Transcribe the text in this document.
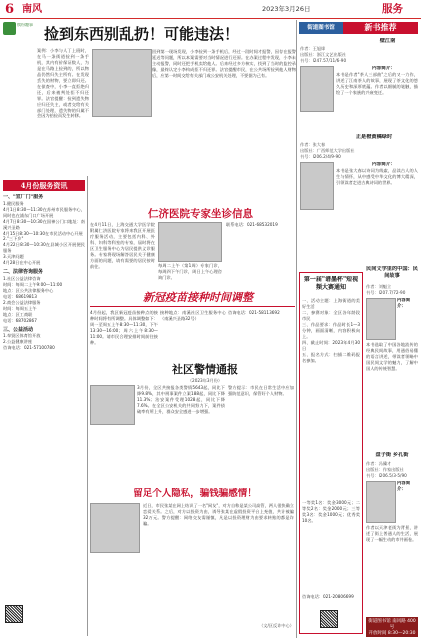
6 南风	2023年3月26日	服务
缤纷趣事
捡到东西别乱扔！可能违法！
案例：小李与人丁上班时，在马一条街道捡到一条手机，其内有价保证数人，为是在马路上捡到的，所以物品仍然归失主所有。在发现丢失的财物，要立即归还。在侦查中，小李一直拒绝归还，后来被判处拒不归还罪。法官提醒：捡到遗失物应归还失主，或者交给有关部门处理，遗失物的归属不会因为拾捡而发生转移。
回到第一现场发现，小李捡到一条手机后，经过一段时间才报警，因存在报警延迟等问题，所以本案需要对当时情况进行还原。在办案过程中发现，小李未主动报警，同时还把手机卖给他人。后来经过多方核实，找到了当时的监控录像，最终认定小李构成拒不归还罪。法官提醒市民，在公共场所捡到他人财物后，应第一时间交给有关部门或公安机关处理，不要据为己有。
4月份服务资讯
一、"宜厂门"服务
1.健民服务
4月1日8:30—11:30在苏州市民服务中心，同时也在浦东门口广场开展
4月7日8:30—10:30在国神公门口地址：南溪兴圣路
4月15日8:30—10:30在市民活动中心开展
2."三下乡"
4月22日8:30—10:30在县城小区开展便民服务
3.天津问题
4月28日在中心开展
二、法律咨询服务
1.社区公益法律咨询
时间：每周二上午9:00—11:00
地点：区公共法律服务中心
电话：68619813
2.商会公益法律服务
时间：每周五上午
地点：区工商联
电话：68702867
三、公益活动
1.奉贤区体育馆开放
2.公益健康讲座
咨询电话：021-57100780
仁济医院专家坐诊信息
在4月11日，上海交通大学医学院附属仁济医院专家将来我区开展医疗服务活动，主要包括内科、外科、妇科等科室的专家，届时将在区卫生服务中心为居民提供义诊服务。专家将现场解答居民关于健康方面的问题，请有需要的居民按时前往。	每周二上午（第1周）专家门诊，每周四下午门诊，周日上午心理咨询门诊。
联系电话：021-68532019
新冠疫苗接种时间调整
4月份起，我区新冠疫苗接种点的接种时间将有所调整。具体调整如下：周一至周五上午8:30—11:30，下午13:30—16:00；周六上午8:30—11:00。请市民合理安排时间前往接种。
接种地点：南溪社区卫生服务中心（南溪兴圣路32号）
咨询电话：021-58113692
社区警情通报
（2023年3月份）
3月份，全区共接报各类警情5643起，同比下降9.8%，其中刑事案件立案188起，同比下降11.3%；治安案件受理1028起，同比下降7.6%。在全区公安机关的共同努力下，案件侦破率有所上升，群众安全感进一步增强。
警方提示：市民在日常生活中应加强防范意识，保管好个人财物。
留足个人隐私，骗钱骗感情！
近日，市民张某在网上结识了一名"网友"，对方自称是某公司高管，两人很快确立恋爱关系。之后，对方以投资为由，诱导张某在虚假投资平台上充值，共计被骗32万元。警方提醒：网络交友需谨慎，凡是以投资理财为由要求转账的都是诈骗。
（文/区反诈中心）
第一届"谱墨杯"短视频大赛通知
一、活动主题：上海街道的美好生活
二、参赛对象：全区各年龄段市民
三、作品要求：作品时长1—3分钟，画面清晰，内容积极向上。
四、截止时间：2023年4月30日
五、报名方式：扫描二维码报名参加。
一等奖1名：奖金3000元；二等奖2名：奖金2000元；三等奖3名：奖金1000元；优秀奖10名。
咨询电话：021-20806699
街道图书馆	新书推荐
壁江南
作者：王旭烽
出版社：浙江文艺出版社
书号：I247.57/11/6-90
内容简介：
本书是作者"茶人三部曲"之后的又一力作，讲述了江南茶人的故事，展现了茶文化的悠久历史和深厚底蕴。作者以细腻的笔触，描绘了一个家族的兴衰变迁。
正是橙黄橘绿时
作者：张大春
出版社：广西师范大学出版社
书号：I206.2/4/9-90
内容简介：
本书是张大春以诗词为线索，品读古人的人生与情怀，从中感受中华文化的博大精深，引领读者走进古典诗词的世界。
民间文学里的中国：民间故事
作者：刘魁立
书号：I207.7/72-90
内容简介：
本书选取了中国各地流传的经典民间故事，用通俗易懂的语言讲述，带读者领略中国民间文学的魅力，了解中国人的传统智慧。
盘子街 乡孔街
作者：冯骥才
出版社：作家出版社
书号：I206.5/3-5/90
内容简介：
作者以天津老街为背景，讲述了街上普通人的生活，展现了一幅生动的市井画卷。
街道图书馆 南风路 400 号
开放时间 8:30—20:30
